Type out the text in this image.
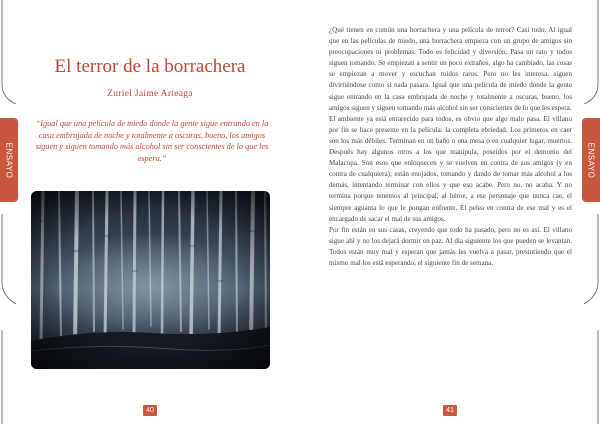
ENSAYO
El terror de la borrachera
Zuriel Jaime Arteaga

“Igual que una película de miedo donde la gente sigue entrando en la casa embrujada de noche y totalmente a oscuras, bueno, los amigos siguen y siguen tomando más alcohol sin ser conscientes de lo que les espera.”

40
ENSAYO

¿Qué tienen en común una borrachera y una película de terror? Casi todo. Al igual que en las películas de miedo, una borrachera empieza con un grupo de amigos sin preocupaciones ni problemas. Todo es felicidad y diversión. Pasa un rato y todos siguen tomando. Se empiezan a sentir un poco extraños, algo ha cambiado, las cosas se empiezan a mover y escuchan ruidos raros. Pero no les interesa, siguen divirtiéndose como si nada pasara. Igual que una película de miedo donde la gente sigue entrando en la casa embrujada de noche y totalmente a oscuras, bueno, los amigos siguen y siguen tomando más alcohol sin ser conscientes de lo que les espera.

El ambiente ya está enrarecido para todos, es obvio que algo malo pasa. El villano por fin se hace presente en la película: la completa ebriedad. Los primeros en caer son los más débiles. Terminan en un baño o una mesa o en cualquier lugar, muertos. Después hay algunos otros a los que manipula, poseídos por el demonio del Malacopa. Son esos que enloquecen y se vuelven en contra de sus amigos (y en contra de cualquiera); están enojados, tomando y dando de tomar más alcohol a los demás, intentando terminar con ellos y que eso acabe. Pero no, no acaba. Y no termina porque tenemos al principal, al héroe, a ese personaje que nunca cae, el siempre aguanta lo que le pongan enfrente. Él pelea en contra de ese mal y es el encargado de sacar el mal de sus amigos.

Por fin están en sus casas, creyendo que todo ha pasado, pero no es así. El villano sigue ahí y no los dejará dormir en paz. Al día siguiente los que pueden se levantan. Todos están muy mal y esperan que jamás les vuelva a pasar, presintiendo que el mismo mal los está esperando, el siguiente fin de semana.

41
